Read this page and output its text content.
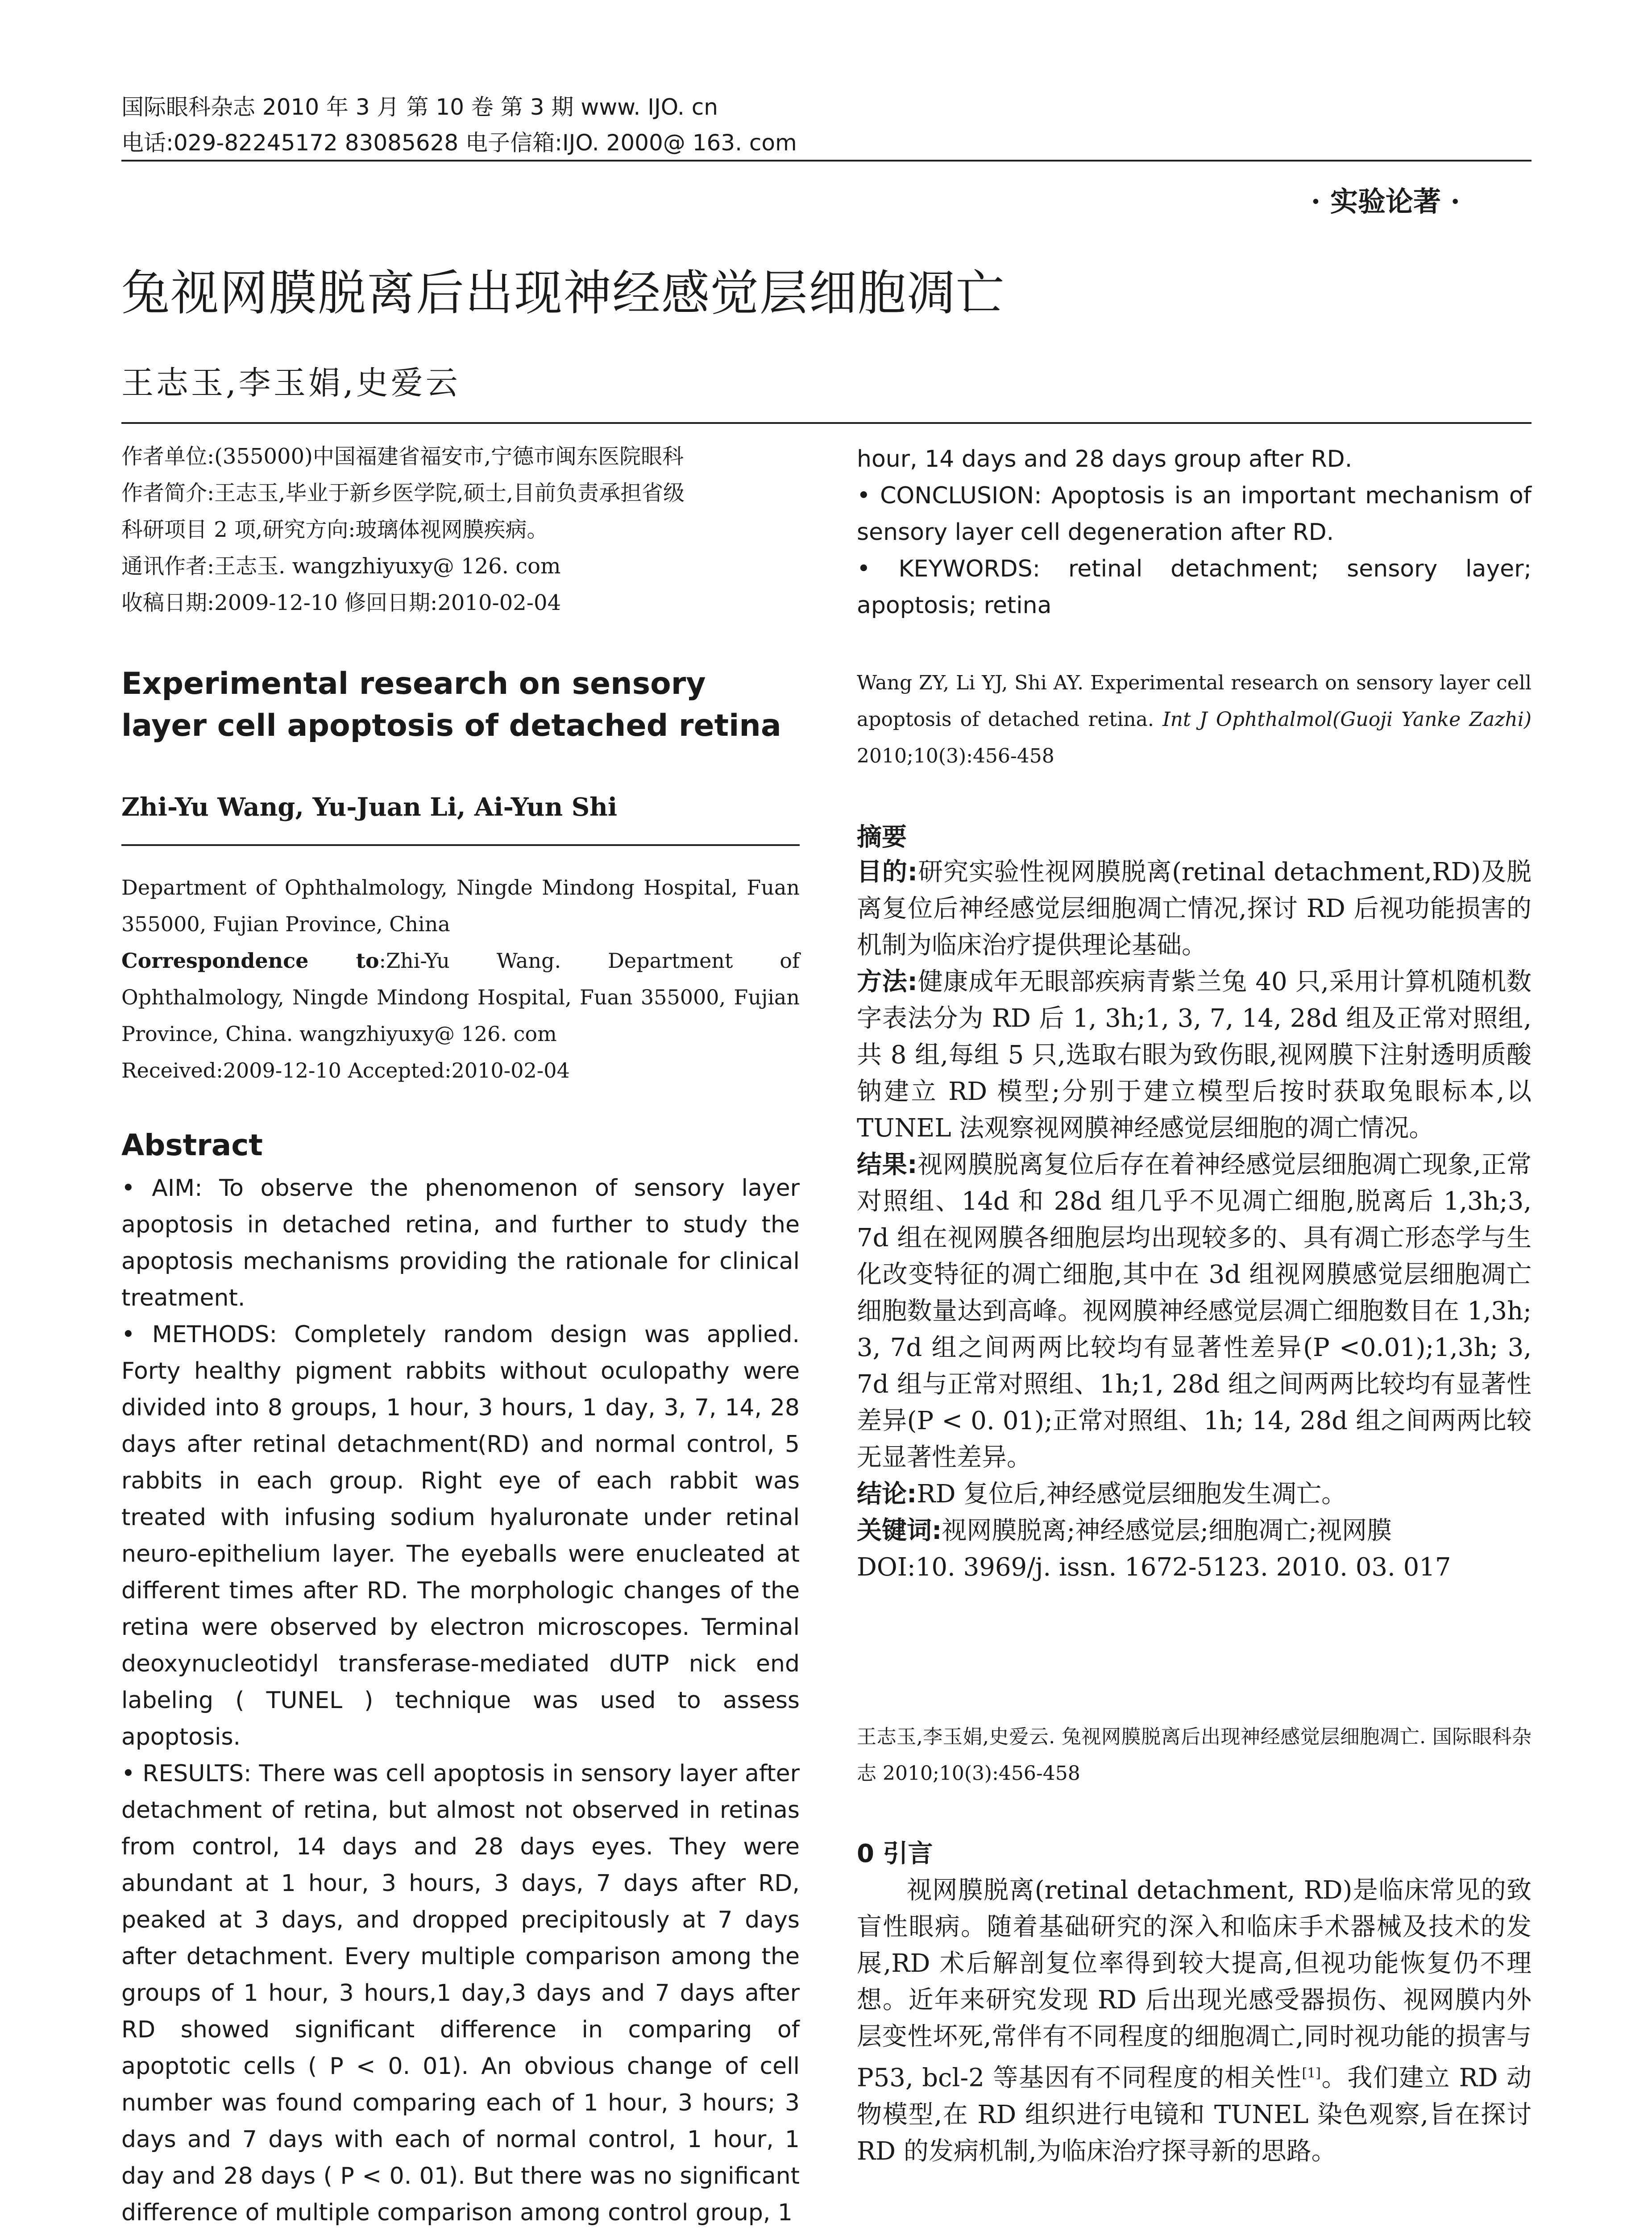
国际眼科杂志 2010 年 3 月 第 10 卷 第 3 期 www. IJO. cn
电话:029-82245172 83085628 电子信箱:IJO. 2000@ 163. com
· 实验论著 ·
兔视网膜脱离后出现神经感觉层细胞凋亡
王志玉,李玉娟,史爱云
作者单位:(355000)中国福建省福安市,宁德市闽东医院眼科
作者简介:王志玉,毕业于新乡医学院,硕士,目前负责承担省级
科研项目 2 项,研究方向:玻璃体视网膜疾病。
通讯作者:王志玉. wangzhiyuxy@ 126. com
收稿日期:2009-12-10 修回日期:2010-02-04
Experimental research on sensory layer cell apoptosis of detached retina
Zhi-Yu Wang, Yu-Juan Li, Ai-Yun Shi
Department of Ophthalmology, Ningde Mindong Hospital, Fuan 355000, Fujian Province, China
Correspondence to:Zhi-Yu Wang. Department of Ophthalmology, Ningde Mindong Hospital, Fuan 355000, Fujian Province, China. wangzhiyuxy@ 126. com
Received:2009-12-10 Accepted:2010-02-04
Abstract

• AIM: To observe the phenomenon of sensory layer apoptosis in detached retina, and further to study the apoptosis mechanisms providing the rationale for clinical treatment.

• METHODS: Completely random design was applied. Forty healthy pigment rabbits without oculopathy were divided into 8 groups, 1 hour, 3 hours, 1 day, 3, 7, 14, 28 days after retinal detachment(RD) and normal control, 5 rabbits in each group. Right eye of each rabbit was treated with infusing sodium hyaluronate under retinal neuro-epithelium layer. The eyeballs were enucleated at different times after RD. The morphologic changes of the retina were observed by electron microscopes. Terminal deoxynucleotidyl transferase-mediated dUTP nick end labeling ( TUNEL ) technique was used to assess apoptosis.

• RESULTS: There was cell apoptosis in sensory layer after detachment of retina, but almost not observed in retinas from control, 14 days and 28 days eyes. They were abundant at 1 hour, 3 hours, 3 days, 7 days after RD, peaked at 3 days, and dropped precipitously at 7 days after detachment. Every multiple comparison among the groups of 1 hour, 3 hours,1 day,3 days and 7 days after RD showed significant difference in comparing of apoptotic cells ( P < 0. 01). An obvious change of cell number was found comparing each of 1 hour, 3 hours; 3 days and 7 days with each of normal control, 1 hour, 1 day and 28 days ( P < 0. 01). But there was no significant difference of multiple comparison among control group, 1

hour, 14 days and 28 days group after RD.

• CONCLUSION: Apoptosis is an important mechanism of sensory layer cell degeneration after RD.

• KEYWORDS: retinal detachment; sensory layer; apoptosis; retina

Wang ZY, Li YJ, Shi AY. Experimental research on sensory layer cell apoptosis of detached retina. Int J Ophthalmol(Guoji Yanke Zazhi) 2010;10(3):456-458
摘要

目的:研究实验性视网膜脱离(retinal detachment,RD)及脱离复位后神经感觉层细胞凋亡情况,探讨 RD 后视功能损害的机制为临床治疗提供理论基础。

方法:健康成年无眼部疾病青紫兰兔 40 只,采用计算机随机数字表法分为 RD 后 1, 3h;1, 3, 7, 14, 28d 组及正常对照组,共 8 组,每组 5 只,选取右眼为致伤眼,视网膜下注射透明质酸钠建立 RD 模型;分别于建立模型后按时获取兔眼标本,以 TUNEL 法观察视网膜神经感觉层细胞的凋亡情况。

结果:视网膜脱离复位后存在着神经感觉层细胞凋亡现象,正常对照组、14d 和 28d 组几乎不见凋亡细胞,脱离后 1,3h;3, 7d 组在视网膜各细胞层均出现较多的、具有凋亡形态学与生化改变特征的凋亡细胞,其中在 3d 组视网膜感觉层细胞凋亡细胞数量达到高峰。视网膜神经感觉层凋亡细胞数目在 1,3h; 3, 7d 组之间两两比较均有显著性差异(P <0.01);1,3h; 3, 7d 组与正常对照组、1h;1, 28d 组之间两两比较均有显著性差异(P < 0. 01);正常对照组、1h; 14, 28d 组之间两两比较无显著性差异。

结论:RD 复位后,神经感觉层细胞发生凋亡。

关键词:视网膜脱离;神经感觉层;细胞凋亡;视网膜

DOI:10. 3969/j. issn. 1672-5123. 2010. 03. 017

王志玉,李玉娟,史爱云. 兔视网膜脱离后出现神经感觉层细胞凋亡. 国际眼科杂志 2010;10(3):456-458
0 引言
视网膜脱离(retinal detachment, RD)是临床常见的致盲性眼病。随着基础研究的深入和临床手术器械及技术的发展,RD 术后解剖复位率得到较大提高,但视功能恢复仍不理想。近年来研究发现 RD 后出现光感受器损伤、视网膜内外层变性坏死,常伴有不同程度的细胞凋亡,同时视功能的损害与 P53, bcl-2 等基因有不同程度的相关性[1]。我们建立 RD 动物模型,在 RD 组织进行电镜和 TUNEL 染色观察,旨在探讨 RD 的发病机制,为临床治疗探寻新的思路。
